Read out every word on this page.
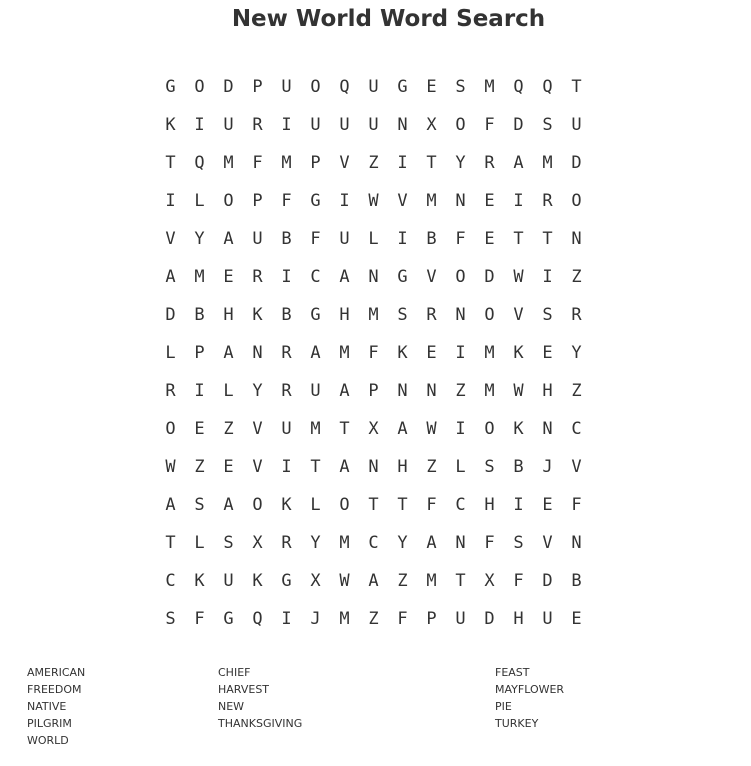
New World Word Search
G	O	D	P	U	O	Q	U	G	E	S	M	Q	Q	T
K	I	U	R	I	U	U	U	N	X	O	F	D	S	U
T	Q	M	F	M	P	V	Z	I	T	Y	R	A	M	D
I	L	O	P	F	G	I	W	V	M	N	E	I	R	O
V	Y	A	U	B	F	U	L	I	B	F	E	T	T	N
A	M	E	R	I	C	A	N	G	V	O	D	W	I	Z
D	B	H	K	B	G	H	M	S	R	N	O	V	S	R
L	P	A	N	R	A	M	F	K	E	I	M	K	E	Y
R	I	L	Y	R	U	A	P	N	N	Z	M	W	H	Z
O	E	Z	V	U	M	T	X	A	W	I	O	K	N	C
W	Z	E	V	I	T	A	N	H	Z	L	S	B	J	V
A	S	A	O	K	L	O	T	T	F	C	H	I	E	F
T	L	S	X	R	Y	M	C	Y	A	N	F	S	V	N
C	K	U	K	G	X	W	A	Z	M	T	X	F	D	B
S	F	G	Q	I	J	M	Z	F	P	U	D	H	U	E
AMERICAN
FREEDOM
NATIVE
PILGRIM
WORLD
CHIEF
HARVEST
NEW
THANKSGIVING
FEAST
MAYFLOWER
PIE
TURKEY
